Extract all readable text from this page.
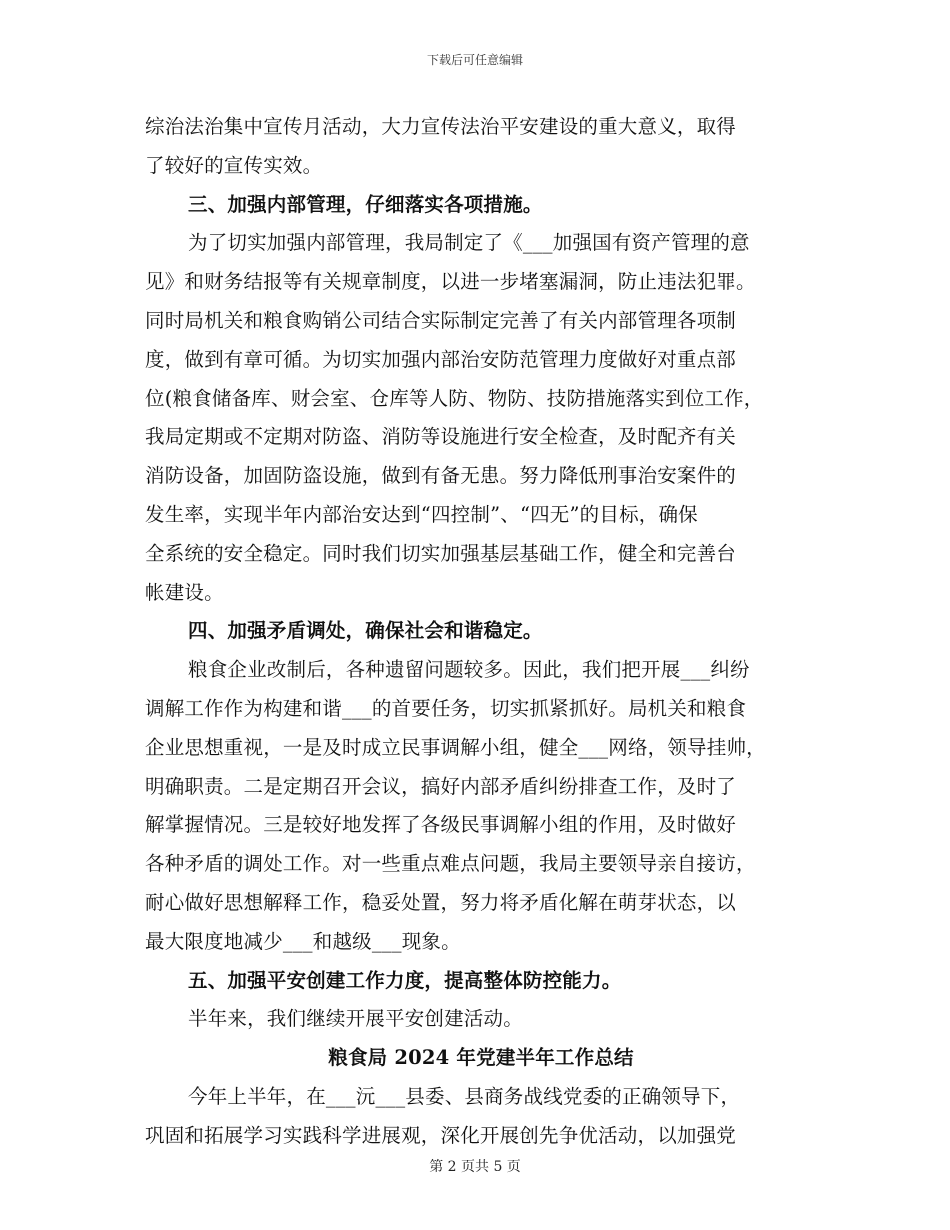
下载后可任意编辑
综治法治集中宣传月活动，大力宣传法治平安建设的重大意义，取得
了较好的宣传实效。
三、加强内部管理，仔细落实各项措施。
为了切实加强内部管理，我局制定了《___加强国有资产管理的意
见》和财务结报等有关规章制度，以进一步堵塞漏洞，防止违法犯罪。
同时局机关和粮食购销公司结合实际制定完善了有关内部管理各项制
度，做到有章可循。为切实加强内部治安防范管理力度做好对重点部
位(粮食储备库、财会室、仓库等人防、物防、技防措施落实到位工作，
我局定期或不定期对防盗、消防等设施进行安全检查，及时配齐有关
消防设备，加固防盗设施，做到有备无患。努力降低刑事治安案件的
发生率，实现半年内部治安达到“四控制”、“四无”的目标，确保
全系统的安全稳定。同时我们切实加强基层基础工作，健全和完善台
帐建设。
四、加强矛盾调处，确保社会和谐稳定。
粮食企业改制后，各种遗留问题较多。因此，我们把开展___纠纷
调解工作作为构建和谐___的首要任务，切实抓紧抓好。局机关和粮食
企业思想重视，一是及时成立民事调解小组，健全___网络，领导挂帅，
明确职责。二是定期召开会议，搞好内部矛盾纠纷排查工作，及时了
解掌握情况。三是较好地发挥了各级民事调解小组的作用，及时做好
各种矛盾的调处工作。对一些重点难点问题，我局主要领导亲自接访，
耐心做好思想解释工作，稳妥处置，努力将矛盾化解在萌芽状态，以
最大限度地减少___和越级___现象。
五、加强平安创建工作力度，提高整体防控能力。
半年来，我们继续开展平安创建活动。
粮食局 2024 年党建半年工作总结
今年上半年，在___沅___县委、县商务战线党委的正确领导下，
巩固和拓展学习实践科学进展观，深化开展创先争优活动，以加强党
第 2 页共 5 页
